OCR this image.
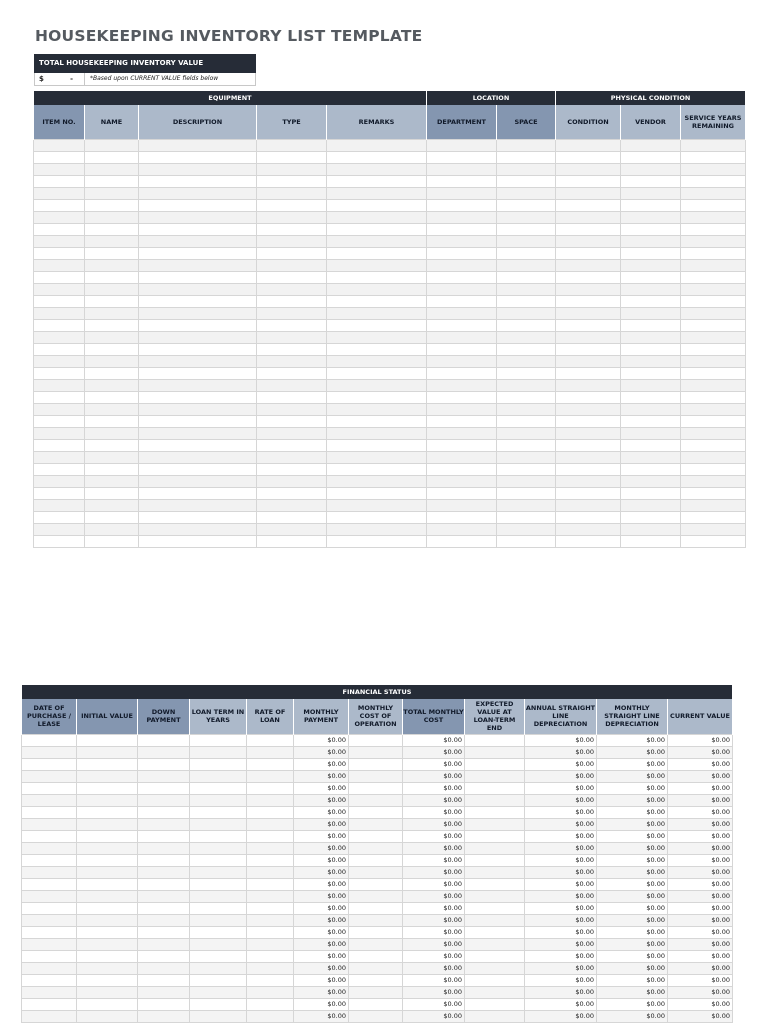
HOUSEKEEPING INVENTORY LIST TEMPLATE
TOTAL HOUSEKEEPING INVENTORY VALUE
$	-	*Based upon CURRENT VALUE fields below
EQUIPMENT					LOCATION		PHYSICAL CONDITION		
ITEM NO.	NAME	DESCRIPTION	TYPE	REMARKS	DEPARTMENT	SPACE	CONDITION	VENDOR	SERVICE YEARS REMAINING

FINANCIAL STATUS											
DATE OF PURCHASE / LEASE	INITIAL VALUE	DOWN PAYMENT	LOAN TERM IN YEARS	RATE OF LOAN	MONTHLY PAYMENT	MONTHLY COST OF OPERATION	TOTAL MONTHLY COST	EXPECTED VALUE AT LOAN-TERM END	ANNUAL STRAIGHT LINE DEPRECIATION	MONTHLY STRAIGHT LINE DEPRECIATION	CURRENT VALUE
					$0.00		$0.00		$0.00	$0.00	$0.00
					$0.00		$0.00		$0.00	$0.00	$0.00
					$0.00		$0.00		$0.00	$0.00	$0.00
					$0.00		$0.00		$0.00	$0.00	$0.00
					$0.00		$0.00		$0.00	$0.00	$0.00
					$0.00		$0.00		$0.00	$0.00	$0.00
					$0.00		$0.00		$0.00	$0.00	$0.00
					$0.00		$0.00		$0.00	$0.00	$0.00
					$0.00		$0.00		$0.00	$0.00	$0.00
					$0.00		$0.00		$0.00	$0.00	$0.00
					$0.00		$0.00		$0.00	$0.00	$0.00
					$0.00		$0.00		$0.00	$0.00	$0.00
					$0.00		$0.00		$0.00	$0.00	$0.00
					$0.00		$0.00		$0.00	$0.00	$0.00
					$0.00		$0.00		$0.00	$0.00	$0.00
					$0.00		$0.00		$0.00	$0.00	$0.00
					$0.00		$0.00		$0.00	$0.00	$0.00
					$0.00		$0.00		$0.00	$0.00	$0.00
					$0.00		$0.00		$0.00	$0.00	$0.00
					$0.00		$0.00		$0.00	$0.00	$0.00
					$0.00		$0.00		$0.00	$0.00	$0.00
					$0.00		$0.00		$0.00	$0.00	$0.00
					$0.00		$0.00		$0.00	$0.00	$0.00
					$0.00		$0.00		$0.00	$0.00	$0.00
